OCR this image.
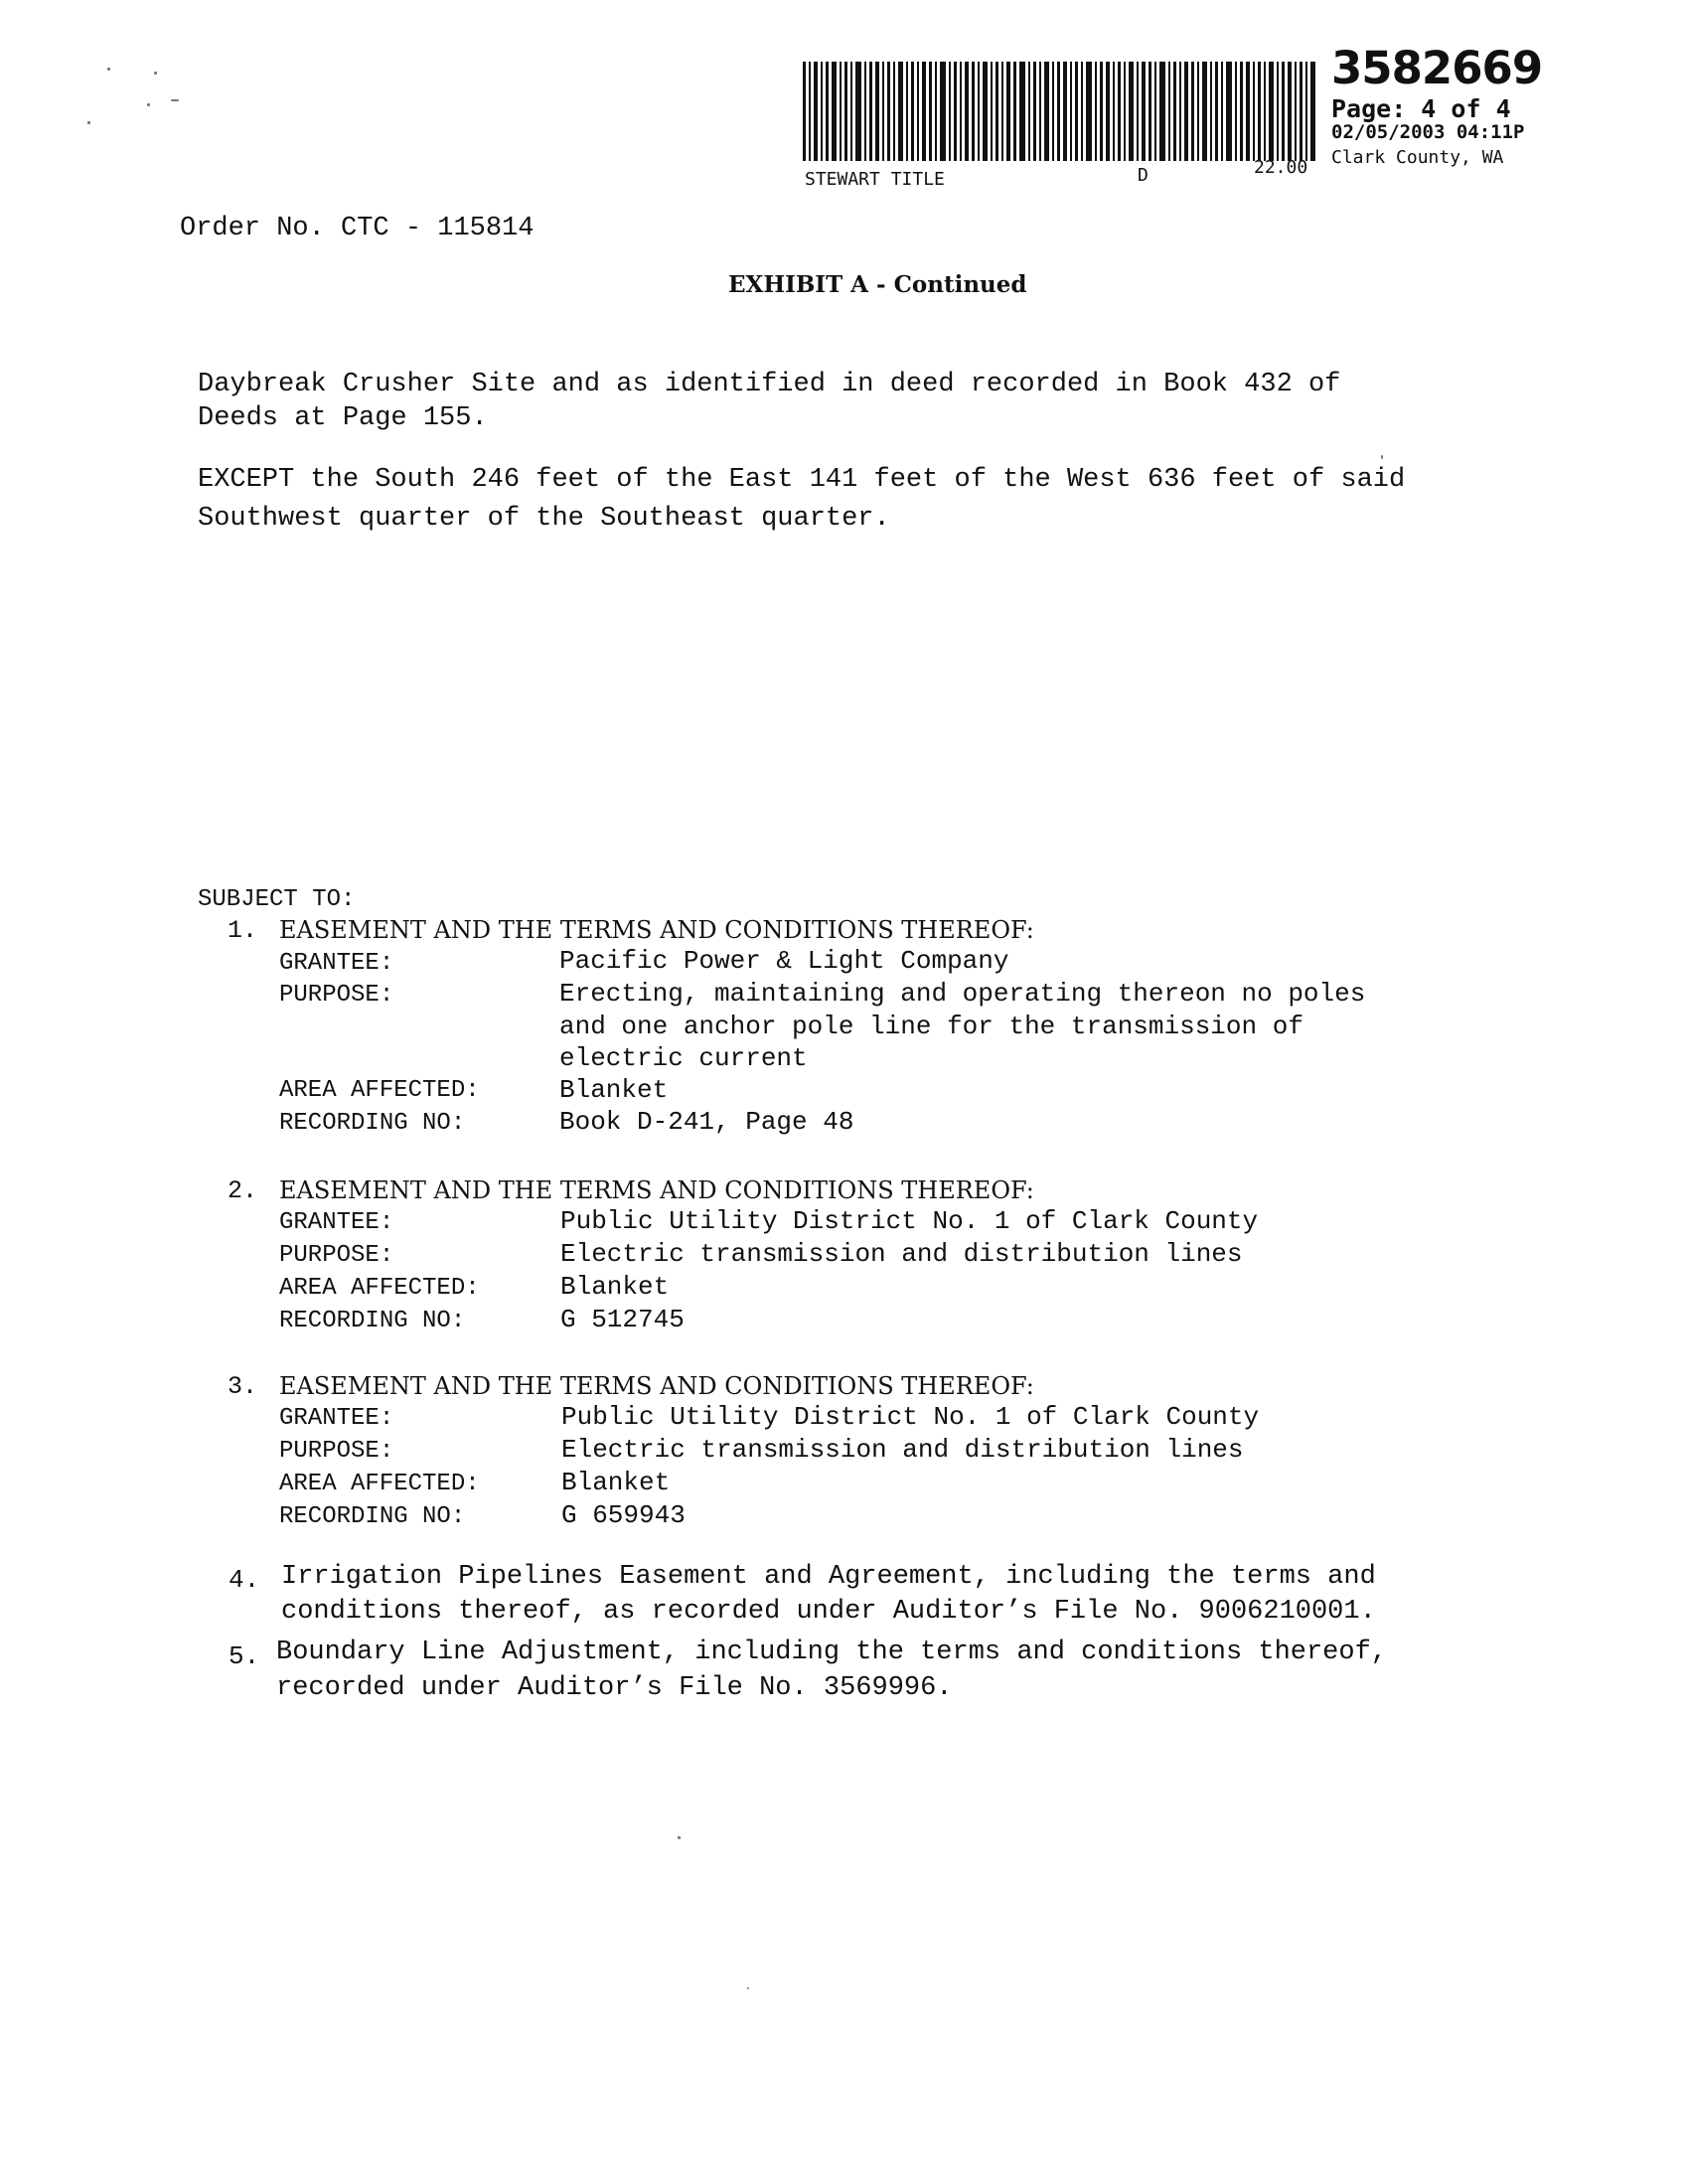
3582669
Page: 4 of 4
02/05/2003 04:11P
Clark County, WA
22.00
D
STEWART TITLE
Order No. CTC - 115814
EXHIBIT A - Continued
Daybreak Crusher Site and as identified in deed recorded in Book 432 of
Deeds at Page 155.
EXCEPT the South 246 feet of the East 141 feet of the West 636 feet of said
Southwest quarter of the Southeast quarter.
SUBJECT TO:
1. EASEMENT AND THE TERMS AND CONDITIONS THEREOF:
GRANTEE:	Pacific Power & Light Company
PURPOSE:	Erecting, maintaining and operating thereon no poles
and one anchor pole line for the transmission of
electric current
AREA AFFECTED:	Blanket
RECORDING NO:	Book D-241, Page 48
2. EASEMENT AND THE TERMS AND CONDITIONS THEREOF:
GRANTEE:	Public Utility District No. 1 of Clark County
PURPOSE:	Electric transmission and distribution lines
AREA AFFECTED:	Blanket
RECORDING NO:	G 512745
3. EASEMENT AND THE TERMS AND CONDITIONS THEREOF:
GRANTEE:	Public Utility District No. 1 of Clark County
PURPOSE:	Electric transmission and distribution lines
AREA AFFECTED:	Blanket
RECORDING NO:	G 659943
4. Irrigation Pipelines Easement and Agreement, including the terms and
conditions thereof, as recorded under Auditor’s File No. 9006210001.
5. Boundary Line Adjustment, including the terms and conditions thereof,
recorded under Auditor’s File No. 3569996.
